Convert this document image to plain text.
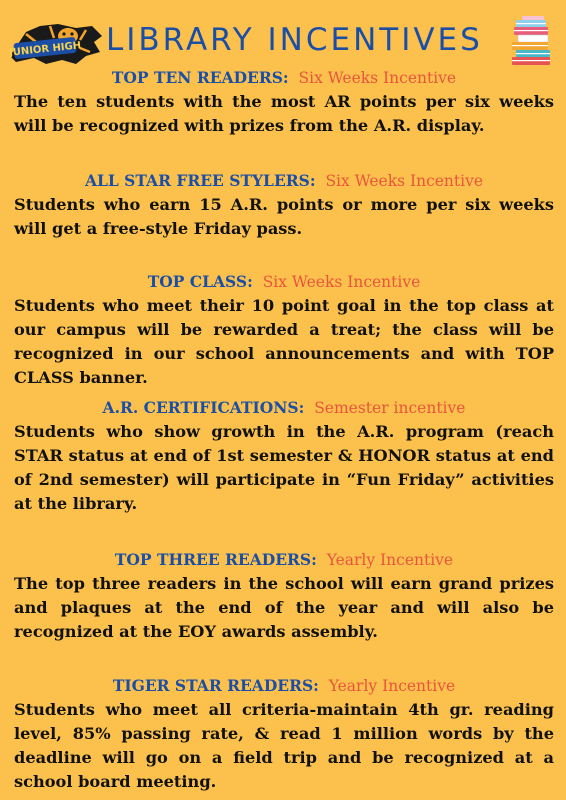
JUNIOR HIGH LIBRARY INCENTIVES
TOP TEN READERS: Six Weeks Incentive
The ten students with the most AR points per six weeks will be recognized with prizes from the A.R. display.
ALL STAR FREE STYLERS: Six Weeks Incentive
Students who earn 15 A.R. points or more per six weeks will get a free-style Friday pass.
TOP CLASS: Six Weeks Incentive
Students who meet their 10 point goal in the top class at our campus will be rewarded a treat; the class will be recognized in our school announcements and with TOP CLASS banner.
A.R. CERTIFICATIONS: Semester incentive
Students who show growth in the A.R. program (reach STAR status at end of 1st semester & HONOR status at end of 2nd semester) will participate in “Fun Friday” activities at the library.
TOP THREE READERS: Yearly Incentive
The top three readers in the school will earn grand prizes and plaques at the end of the year and will also be recognized at the EOY awards assembly.
TIGER STAR READERS: Yearly Incentive
Students who meet all criteria-maintain 4th gr. reading level, 85% passing rate, & read 1 million words by the deadline will go on a field trip and be recognized at a school board meeting.
